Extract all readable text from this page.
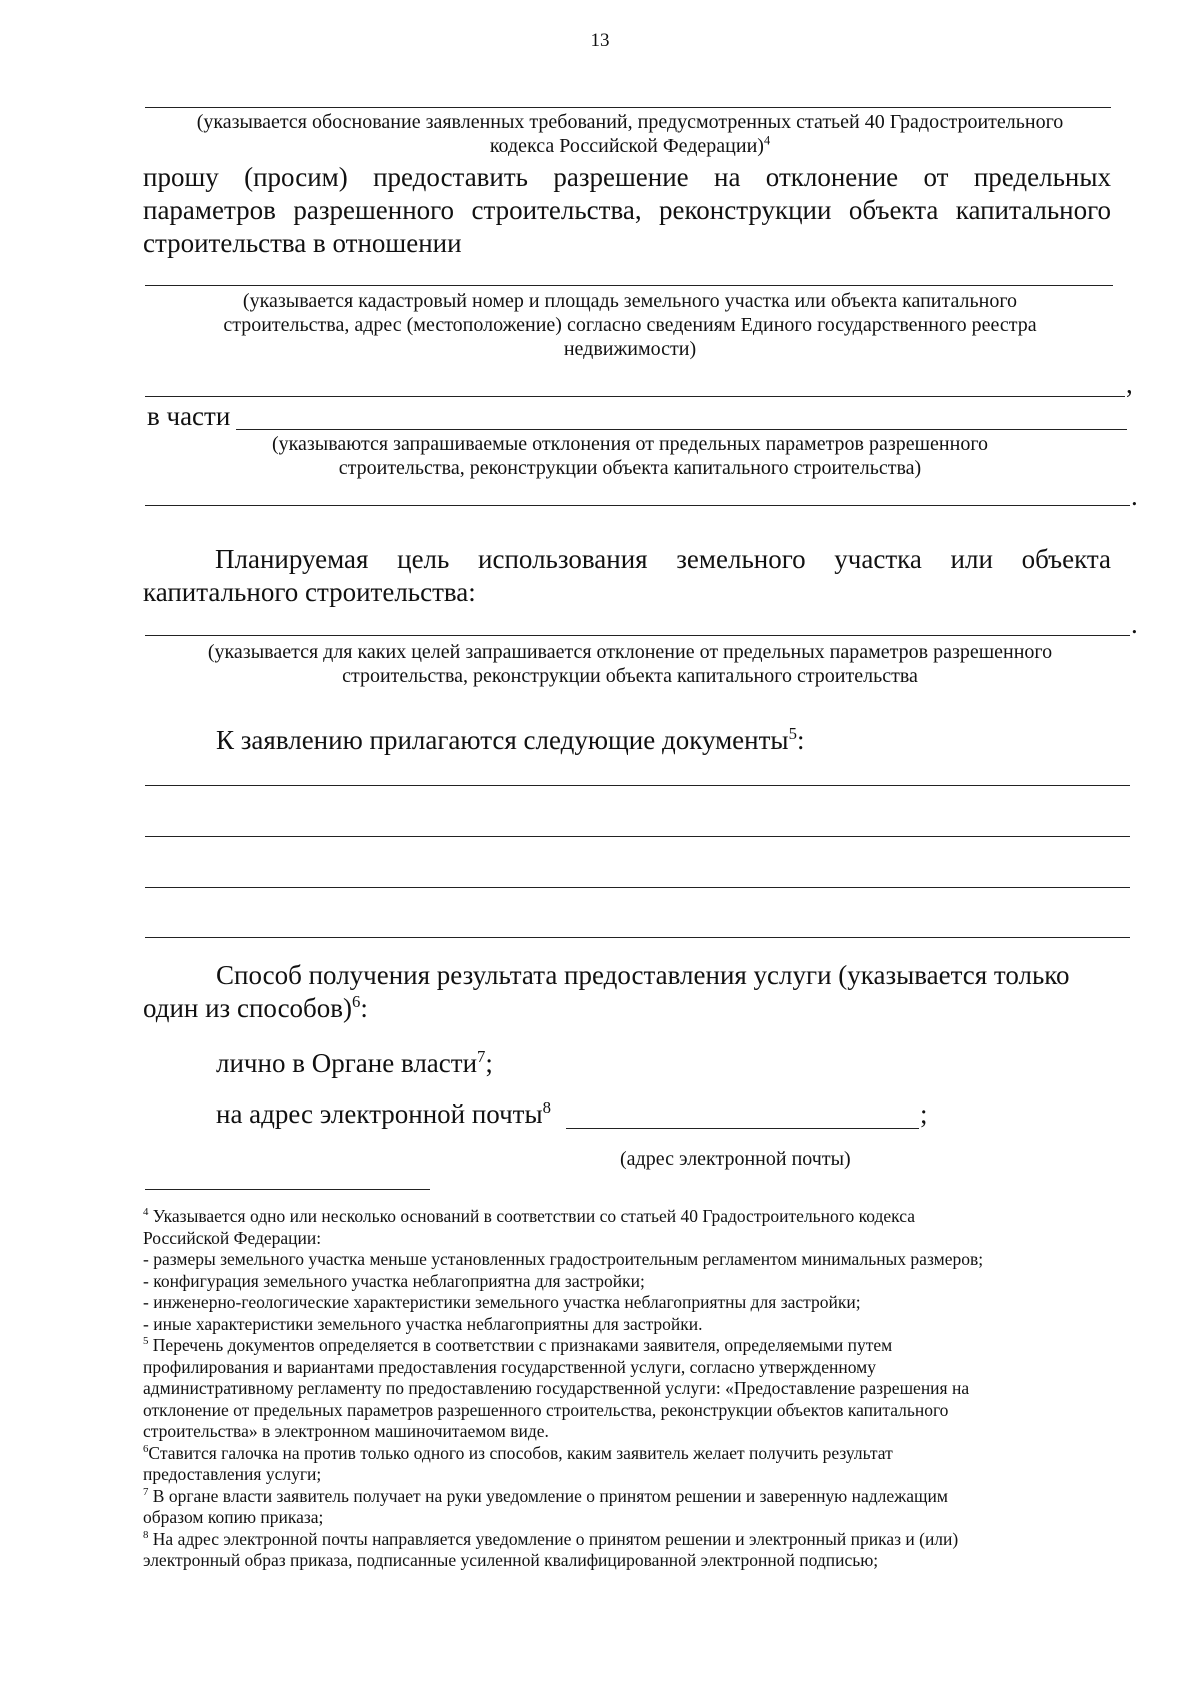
13
(указывается обоснование заявленных требований, предусмотренных статьей 40 Градостроительного
кодекса Российской Федерации)$^4$
прошу (просим) предоставить разрешение на отклонение от предельных
параметров разрешенного строительства, реконструкции объекта капитального
строительства в отношении
(указывается кадастровый номер и площадь земельного участка или объекта капитального
строительства, адрес (местоположение) согласно сведениям Единого государственного реестра
недвижимости)
,
в части
(указываются запрашиваемые отклонения от предельных параметров разрешенного
строительства, реконструкции объекта капитального строительства)
.
Планируемая цель использования земельного участка или объекта
капитального строительства:
.
(указывается для каких целей запрашивается отклонение от предельных параметров разрешенного
строительства, реконструкции объекта капитального строительства
К заявлению прилагаются следующие документы$^5$:
Способ получения результата предоставления услуги (указывается только
один из способов)$^6$:
лично в Органе власти$^7$;
на адрес электронной почты$^8$	;
(адрес электронной почты)
$^4$ Указывается одно или несколько оснований в соответствии со статьей 40 Градостроительного кодекса
Российской Федерации:
- размеры земельного участка меньше установленных градостроительным регламентом минимальных размеров;
- конфигурация земельного участка неблагоприятна для застройки;
- инженерно-геологические характеристики земельного участка неблагоприятны для застройки;
- иные характеристики земельного участка неблагоприятны для застройки.
$^5$ Перечень документов определяется в соответствии с признаками заявителя, определяемыми путем
профилирования и вариантами предоставления государственной услуги, согласно утвержденному
административному регламенту по предоставлению государственной услуги: «Предоставление разрешения на
отклонение от предельных параметров разрешенного строительства, реконструкции объектов капитального
строительства» в электронном машиночитаемом виде.
$^6$Ставится галочка на против только одного из способов, каким заявитель желает получить результат
предоставления услуги;
$^7$ В органе власти заявитель получает на руки уведомление о принятом решении и заверенную надлежащим
образом копию приказа;
$^8$ На адрес электронной почты направляется уведомление о принятом решении и электронный приказ и (или)
электронный образ приказа, подписанные усиленной квалифицированной электронной подписью;
